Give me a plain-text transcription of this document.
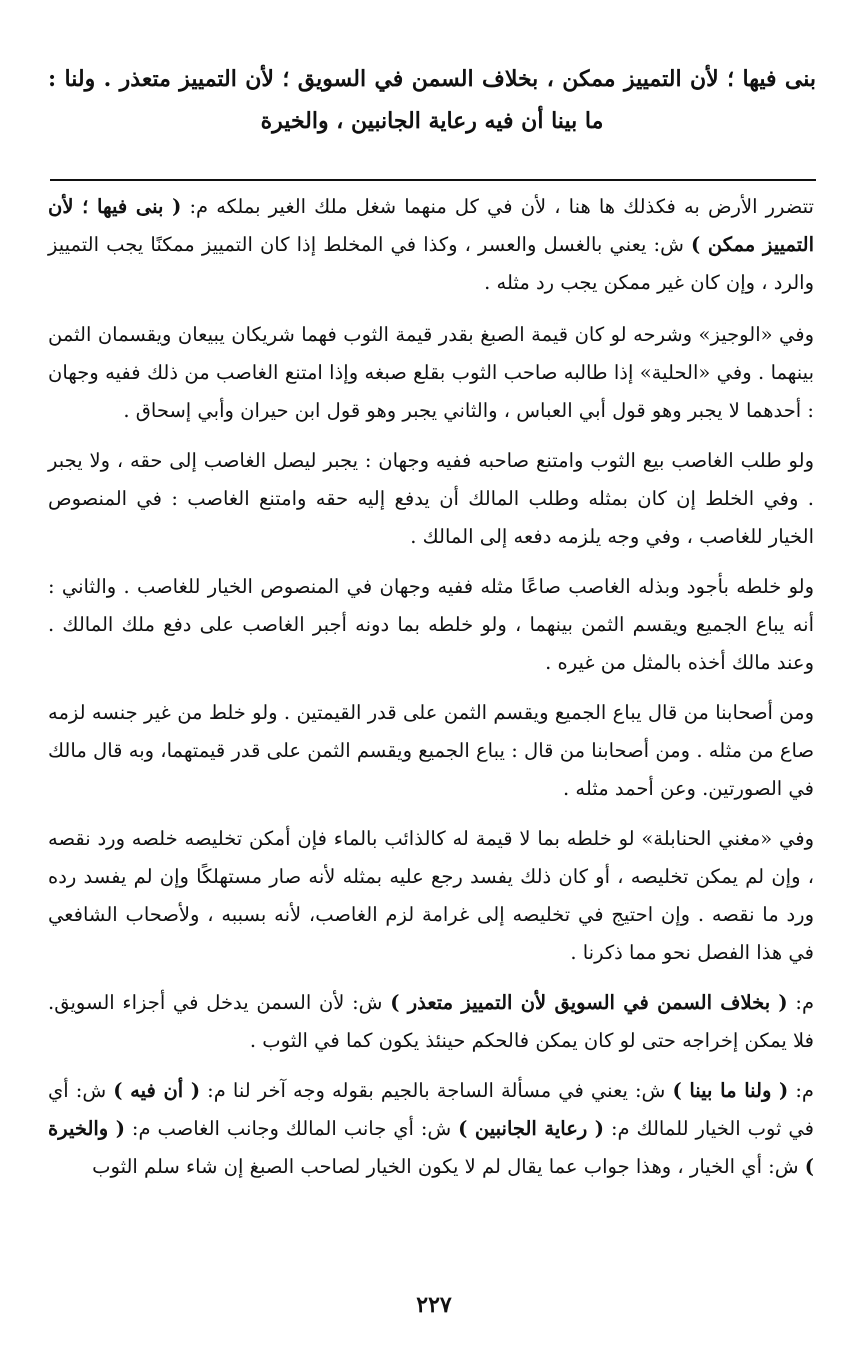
بنى فيها ؛ لأن التمييز ممكن ، بخلاف السمن في السويق ؛ لأن التمييز متعذر . ولنا : ما بينا أن فيه رعاية الجانبين ، والخيرة

تتضرر الأرض به فكذلك ها هنا ، لأن في كل منهما شغل ملك الغير بملكه م: ( بنى فيها ؛ لأن التمييز ممكن ) ش: يعني بالغسل والعسر ، وكذا في المخلط إذا كان التمييز ممكنًا يجب التمييز والرد ، وإن كان غير ممكن يجب رد مثله .

وفي «الوجيز» وشرحه لو كان قيمة الصبغ بقدر قيمة الثوب فهما شريكان يبيعان ويقسمان الثمن بينهما . وفي «الحلية» إذا طالبه صاحب الثوب بقلع صبغه وإذا امتنع الغاصب من ذلك ففيه وجهان : أحدهما لا يجبر وهو قول أبي العباس ، والثاني يجبر وهو قول ابن حيران وأبي إسحاق .

ولو طلب الغاصب بيع الثوب وامتنع صاحبه ففيه وجهان : يجبر ليصل الغاصب إلى حقه ، ولا يجبر . وفي الخلط إن كان بمثله وطلب المالك أن يدفع إليه حقه وامتنع الغاصب : في المنصوص الخيار للغاصب ، وفي وجه يلزمه دفعه إلى المالك .

ولو خلطه بأجود وبذله الغاصب صاعًا مثله ففيه وجهان في المنصوص الخيار للغاصب . والثاني : أنه يباع الجميع ويقسم الثمن بينهما ، ولو خلطه بما دونه أجبر الغاصب على دفع ملك المالك . وعند مالك أخذه بالمثل من غيره .

ومن أصحابنا من قال يباع الجميع ويقسم الثمن على قدر القيمتين . ولو خلط من غير جنسه لزمه صاع من مثله . ومن أصحابنا من قال : يباع الجميع ويقسم الثمن على قدر قيمتهما، وبه قال مالك في الصورتين. وعن أحمد مثله .

وفي «مغني الحنابلة» لو خلطه بما لا قيمة له كالذائب بالماء فإن أمكن تخليصه خلصه ورد نقصه ، وإن لم يمكن تخليصه ، أو كان ذلك يفسد رجع عليه بمثله لأنه صار مستهلكًا وإن لم يفسد رده ورد ما نقصه . وإن احتيج في تخليصه إلى غرامة لزم الغاصب، لأنه بسببه ، ولأصحاب الشافعي في هذا الفصل نحو مما ذكرنا .

م: ( بخلاف السمن في السويق لأن التمييز متعذر ) ش: لأن السمن يدخل في أجزاء السويق. فلا يمكن إخراجه حتى لو كان يمكن فالحكم حينئذ يكون كما في الثوب .

م: ( ولنا ما بينا ) ش: يعني في مسألة الساجة بالجيم بقوله وجه آخر لنا م: ( أن فيه ) ش: أي في ثوب الخيار للمالك م: ( رعاية الجانبين ) ش: أي جانب المالك وجانب الغاصب م: ( والخيرة ) ش: أي الخيار ، وهذا جواب عما يقال لم لا يكون الخيار لصاحب الصبغ إن شاء سلم الثوب

٢٢٧
